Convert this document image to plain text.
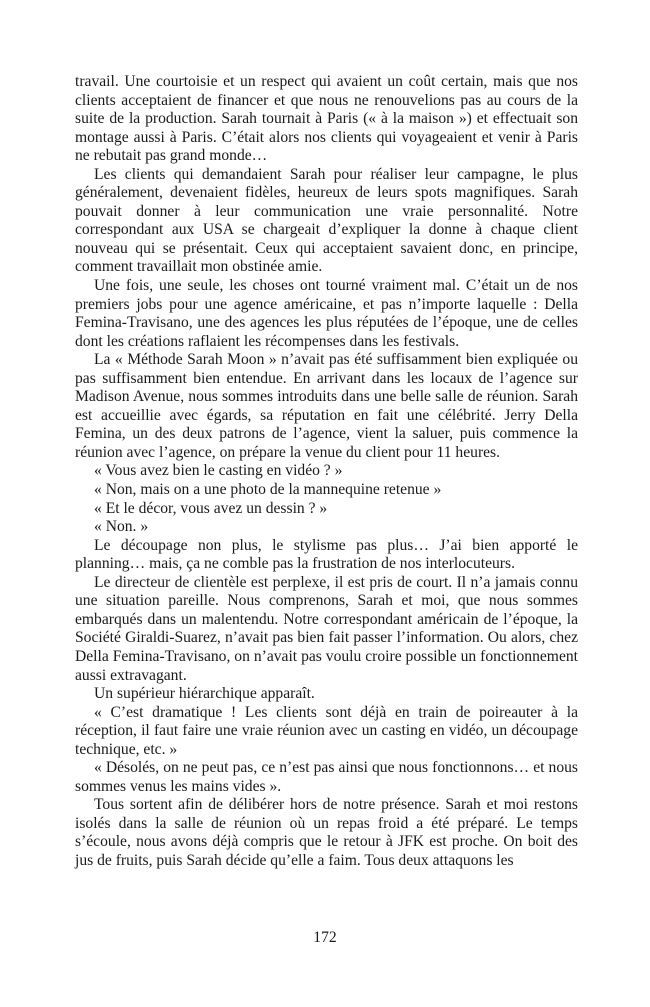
travail. Une courtoisie et un respect qui avaient un coût certain, mais que nos clients acceptaient de financer et que nous ne renouvelions pas au cours de la suite de la production. Sarah tournait à Paris (« à la maison ») et effectuait son montage aussi à Paris. C’était alors nos clients qui voyageaient et venir à Paris ne rebutait pas grand monde…

Les clients qui demandaient Sarah pour réaliser leur campagne, le plus généralement, devenaient fidèles, heureux de leurs spots magnifiques. Sarah pouvait donner à leur communication une vraie personnalité. Notre correspondant aux USA se chargeait d’expliquer la donne à chaque client nouveau qui se présentait. Ceux qui acceptaient savaient donc, en principe, comment travaillait mon obstinée amie.

Une fois, une seule, les choses ont tourné vraiment mal. C’était un de nos premiers jobs pour une agence américaine, et pas n’importe laquelle : Della Femina-Travisano, une des agences les plus réputées de l’époque, une de celles dont les créations raflaient les récompenses dans les festivals.

La « Méthode Sarah Moon » n’avait pas été suffisamment bien expliquée ou pas suffisamment bien entendue. En arrivant dans les locaux de l’agence sur Madison Avenue, nous sommes introduits dans une belle salle de réunion. Sarah est accueillie avec égards, sa réputation en fait une célébrité. Jerry Della Femina, un des deux patrons de l’agence, vient la saluer, puis commence la réunion avec l’agence, on prépare la venue du client pour 11 heures.

« Vous avez bien le casting en vidéo ? »

« Non, mais on a une photo de la mannequine retenue »

« Et le décor, vous avez un dessin ? »

« Non. »

Le découpage non plus, le stylisme pas plus… J’ai bien apporté le planning… mais, ça ne comble pas la frustration de nos interlocuteurs.

Le directeur de clientèle est perplexe, il est pris de court. Il n’a jamais connu une situation pareille. Nous comprenons, Sarah et moi, que nous sommes embarqués dans un malentendu. Notre correspondant américain de l’époque, la Société Giraldi-Suarez, n’avait pas bien fait passer l’information. Ou alors, chez Della Femina-Travisano, on n’avait pas voulu croire possible un fonctionnement aussi extravagant.

Un supérieur hiérarchique apparaît.

« C’est dramatique ! Les clients sont déjà en train de poireauter à la réception, il faut faire une vraie réunion avec un casting en vidéo, un découpage technique, etc. »

« Désolés, on ne peut pas, ce n’est pas ainsi que nous fonctionnons… et nous sommes venus les mains vides ».

Tous sortent afin de délibérer hors de notre présence. Sarah et moi restons isolés dans la salle de réunion où un repas froid a été préparé. Le temps s’écoule, nous avons déjà compris que le retour à JFK est proche. On boit des jus de fruits, puis Sarah décide qu’elle a faim. Tous deux attaquons les

172
